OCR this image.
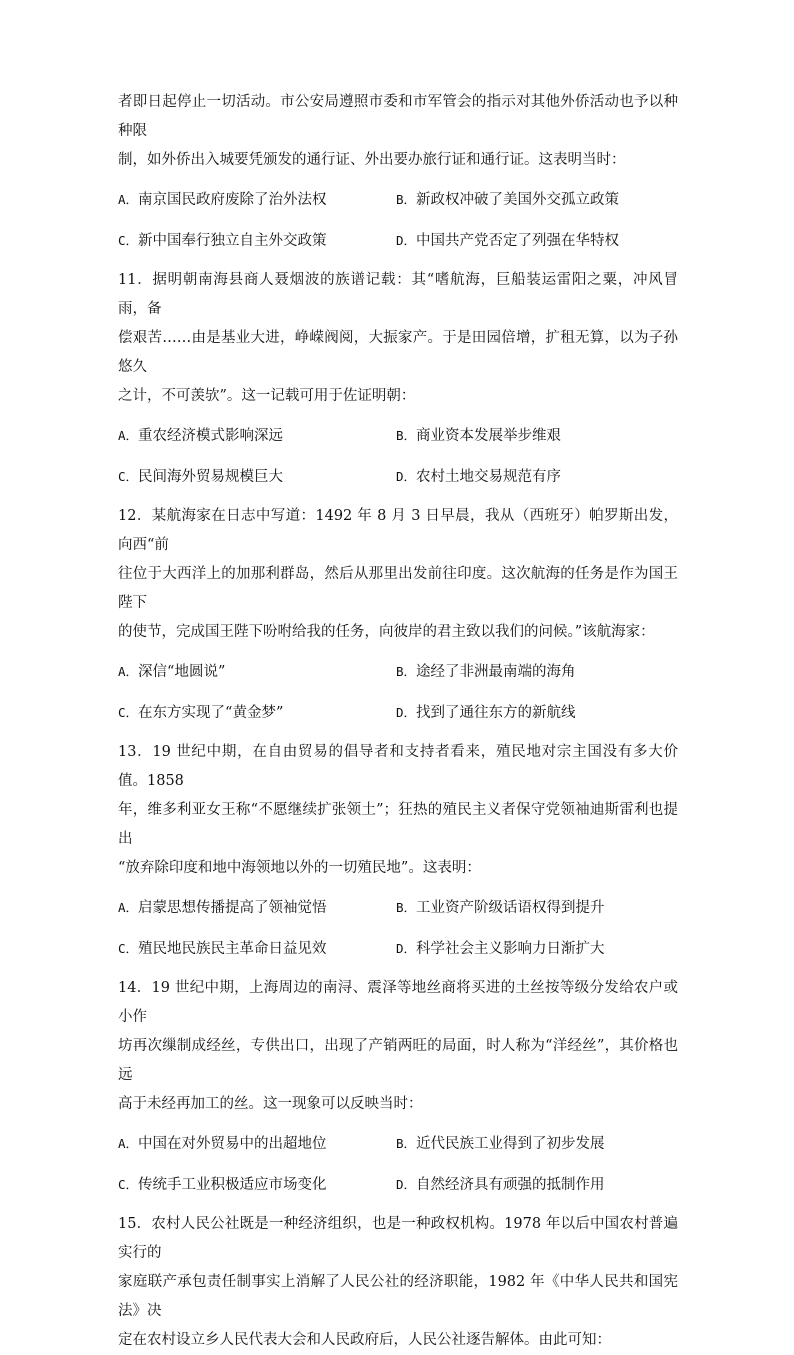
者即日起停止一切活动。市公安局遵照市委和市军管会的指示对其他外侨活动也予以种种限

制，如外侨出入城要凭颁发的通行证、外出要办旅行证和通行证。这表明当时：

A．南京国民政府废除了治外法权	B．新政权冲破了美国外交孤立政策
C．新中国奉行独立自主外交政策	D．中国共产党否定了列强在华特权

11．据明朝南海县商人聂烟波的族谱记载：其“嗜航海，巨船装运雷阳之粟，冲风冒雨，备

偿艰苦……由是基业大进，峥嵘阀阅，大振家产。于是田园倍增，扩租无算，以为子孙悠久

之计，不可羡欤”。这一记载可用于佐证明朝：

A．重农经济模式影响深远	B．商业资本发展举步维艰
C．民间海外贸易规模巨大	D．农村土地交易规范有序

12．某航海家在日志中写道：1492 年 8 月 3 日早晨，我从（西班牙）帕罗斯出发，向西“前

往位于大西洋上的加那利群岛，然后从那里出发前往印度。这次航海的任务是作为国王陛下

的使节，完成国王陛下吩咐给我的任务，向彼岸的君主致以我们的问候。”该航海家：

A．深信“地圆说”	B．途经了非洲最南端的海角
C．在东方实现了“黄金梦”	D．找到了通往东方的新航线

13．19 世纪中期，在自由贸易的倡导者和支持者看来，殖民地对宗主国没有多大价值。1858

年，维多利亚女王称“不愿继续扩张领土”；狂热的殖民主义者保守党领袖迪斯雷利也提出

“放弃除印度和地中海领地以外的一切殖民地”。这表明：

A．启蒙思想传播提高了领袖觉悟	B．工业资产阶级话语权得到提升
C．殖民地民族民主革命日益见效	D．科学社会主义影响力日渐扩大

14．19 世纪中期，上海周边的南浔、震泽等地丝商将买进的土丝按等级分发给农户或小作

坊再次缫制成经丝，专供出口，出现了产销两旺的局面，时人称为“洋经丝”，其价格也远

高于未经再加工的丝。这一现象可以反映当时：

A．中国在对外贸易中的出超地位	B．近代民族工业得到了初步发展
C．传统手工业积极适应市场变化	D．自然经济具有顽强的抵制作用

15．农村人民公社既是一种经济组织，也是一种政权机构。1978 年以后中国农村普遍实行的

家庭联产承包责任制事实上消解了人民公社的经济职能，1982 年《中华人民共和国宪法》决

定在农村设立乡人民代表大会和人民政府后，人民公社逐告解体。由此可知：
